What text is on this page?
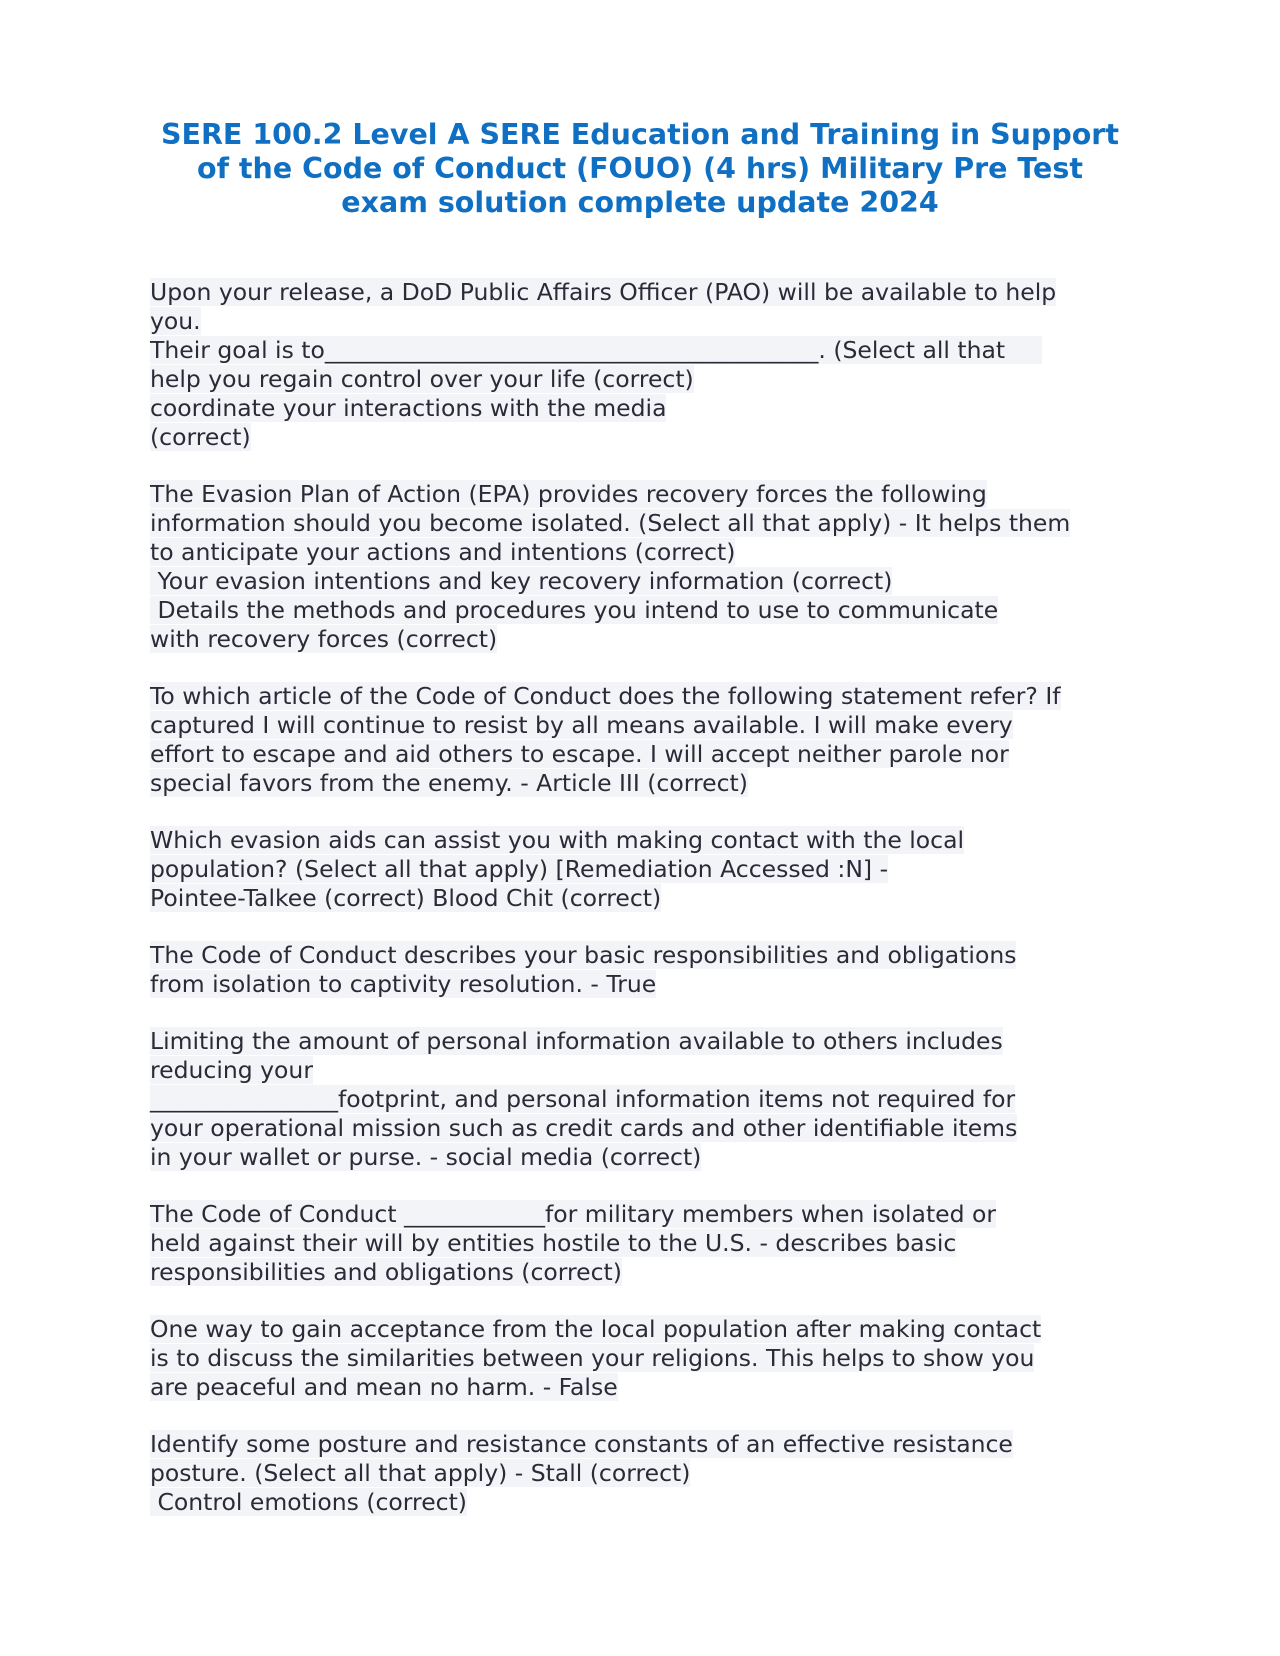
SERE 100.2 Level A SERE Education and Training in Support
of the Code of Conduct (FOUO) (4 hrs) Military Pre Test
exam solution complete update 2024
Upon your release, a DoD Public Affairs Officer (PAO) will be available to help
you.
Their goal is to__________________________________________. (Select all that
help you regain control over your life (correct)
coordinate your interactions with the media
(correct)
The Evasion Plan of Action (EPA) provides recovery forces the following
information should you become isolated. (Select all that apply) - It helps them
to anticipate your actions and intentions (correct)
Your evasion intentions and key recovery information (correct)
Details the methods and procedures you intend to use to communicate
with recovery forces (correct)
To which article of the Code of Conduct does the following statement refer? If
captured I will continue to resist by all means available. I will make every
effort to escape and aid others to escape. I will accept neither parole nor
special favors from the enemy. - Article III (correct)
Which evasion aids can assist you with making contact with the local
population? (Select all that apply) [Remediation Accessed :N] -
Pointee-Talkee (correct) Blood Chit (correct)
The Code of Conduct describes your basic responsibilities and obligations
from isolation to captivity resolution. - True
Limiting the amount of personal information available to others includes
reducing your
________________footprint, and personal information items not required for
your operational mission such as credit cards and other identifiable items
in your wallet or purse. - social media (correct)
The Code of Conduct ____________for military members when isolated or
held against their will by entities hostile to the U.S. - describes basic
responsibilities and obligations (correct)
One way to gain acceptance from the local population after making contact
is to discuss the similarities between your religions. This helps to show you
are peaceful and mean no harm. - False
Identify some posture and resistance constants of an effective resistance
posture. (Select all that apply) - Stall (correct)
Control emotions (correct)
